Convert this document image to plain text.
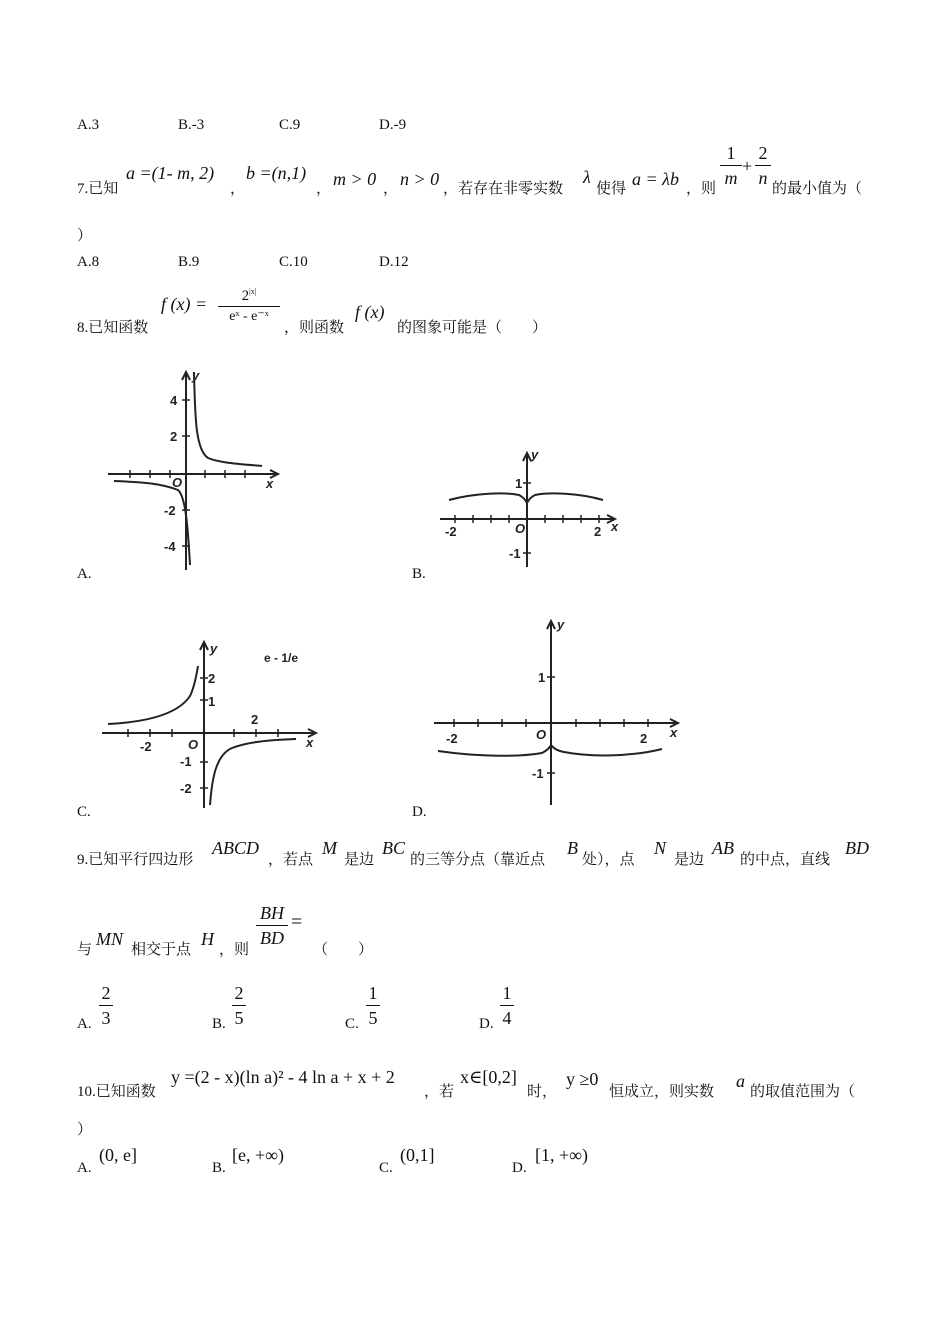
A.3	B.-3	C.9	D.-9
7.已知
a =(1- m, 2)
，
b =(n,1)
， m > 0 ， n > 0 ，若存在非零实数
λ
使得 a = λb ，则
1
m
+
2
n
的最小值为（
）
A.8	B.9	C.10	D.12
8.已知函数
f (x) =	$2^{|x|}$
eˣ - e⁻ˣ
，则函数
f (x)
的图象可能是（　　）
y
x
O
4
2
-2
-4
A.
y
x
O
1
-1
-2	2
B.
y
x
O
2
1
-1
-2
-2
2
e - 1/e
C.
y
x
O
1
-1
-2	2
D.
9.已知平行四边形
ABCD
，若点
M
是边
BC
的三等分点（靠近点
B
处），点
N
是边
AB
的中点，直线
BD
与
MN
相交于点
H
，则
BH
BD
=
（　　）
A.
2
3	B.
2
5	C.
1
5	D.
1
4
10.已知函数
y =(2 - x)(ln a)² - 4 ln a + x + 2
，若
x∈[0,2]
时，
y ≥0
恒成立，则实数
a
的取值范围为（
）
A.
(0, e]
B.
[e, +∞)
C.
(0,1]
D.
[1, +∞)
